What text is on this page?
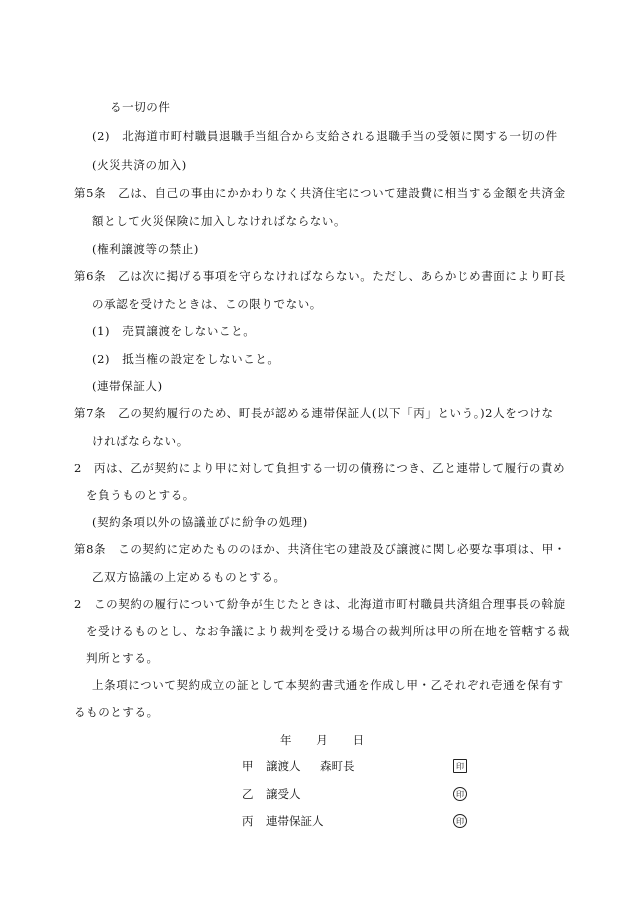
る一切の件
(2)　北海道市町村職員退職手当組合から支給される退職手当の受領に関する一切の件
(火災共済の加入)
第5条　乙は、自己の事由にかかわりなく共済住宅について建設費に相当する金額を共済金
額として火災保険に加入しなければならない。
(権利譲渡等の禁止)
第6条　乙は次に掲げる事項を守らなければならない。ただし、あらかじめ書面により町長
の承認を受けたときは、この限りでない。
(1)　売買譲渡をしないこと。
(2)　抵当権の設定をしないこと。
(連帯保証人)
第7条　乙の契約履行のため、町長が認める連帯保証人(以下「丙」という。)2人をつけな
ければならない。
2　丙は、乙が契約により甲に対して負担する一切の債務につき、乙と連帯して履行の責め
を負うものとする。
(契約条項以外の協議並びに紛争の処理)
第8条　この契約に定めたもののほか、共済住宅の建設及び譲渡に関し必要な事項は、甲・
乙双方協議の上定めるものとする。
2　この契約の履行について紛争が生じたときは、北海道市町村職員共済組合理事長の斡旋
を受けるものとし、なお争議により裁判を受ける場合の裁判所は甲の所在地を管轄する裁
判所とする。
上条項について契約成立の証として本契約書弐通を作成し甲・乙それぞれ壱通を保有す
るものとする。
年　　月　　日
甲 譲渡人 森町長	印
乙 譲受人	印
丙 連帯保証人	印
